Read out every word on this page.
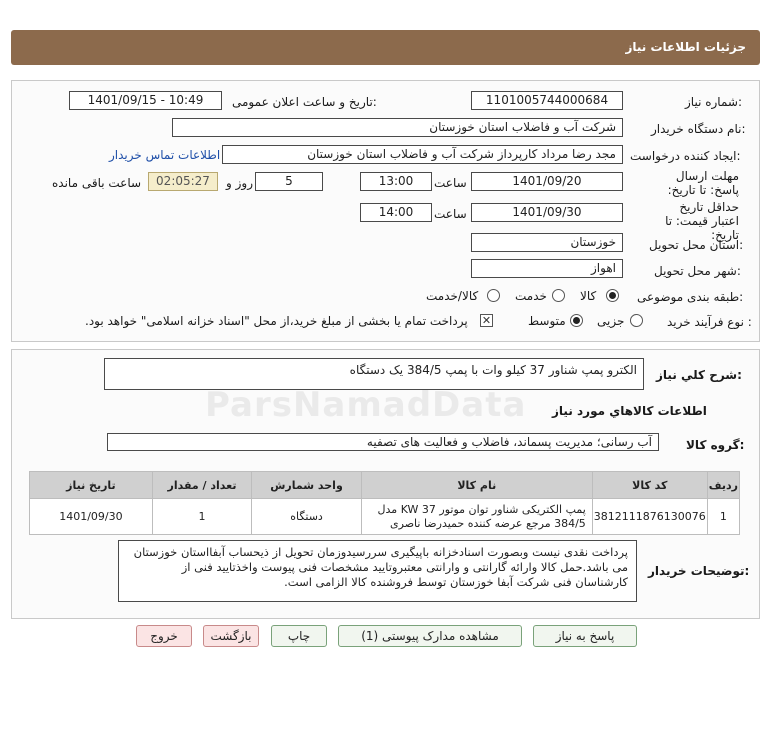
جزئیات اطلاعات نیاز
شماره نیاز:
1101005744000684
تاریخ و ساعت اعلان عمومی:
1401/09/15 - 10:49
نام دستگاه خریدار:
شرکت آب و فاضلاب استان خوزستان
ایجاد کننده درخواست:
مجد رضا مرداد کارپرداز شرکت آب و فاضلاب استان خوزستان
اطلاعات تماس خریدار
مهلت ارسال پاسخ: تا تاریخ:
1401/09/20
ساعت
13:00
5
روز و
02:05:27
ساعت باقی مانده
حداقل تاریخ اعتبار قیمت: تا تاریخ:
1401/09/30
ساعت
14:00
استان محل تحویل:
خوزستان
شهر محل تحویل:
اهواز
طبقه بندی موضوعی:
کالا
خدمت
کالا/خدمت
نوع فرآیند خرید :
جزیی
متوسط
✕
پرداخت تمام یا بخشی از مبلغ خرید،از محل "اسناد خزانه اسلامی" خواهد بود.
شرح کلي نياز:
الکترو پمپ شناور 37 کیلو وات با پمپ 384/5 یک دستگاه
اطلاعات کالاهاي مورد نياز
گروه کالا:
آب رسانی؛ مدیریت پسماند، فاضلاب و فعالیت های تصفیه
ردیف	کد کالا	نام کالا	واحد شمارش	تعداد / مقدار	تاریخ نیاز
1	3812111876130076	پمپ الکتریکی شناور توان موتور KW 37 مدل 384/5 مرجع عرضه کننده حمیدرضا ناصری	دستگاه	1	1401/09/30
توضیحات خریدار:
پرداخت نقدی نیست وبصورت اسنادخزانه باپیگیری سررسیدوزمان تحویل از ذیحساب آبفااستان خوزستان می باشد.حمل کالا وارائه گارانتی و وارانتی معتبروتایید مشخصات فنی پیوست واخذتایید فنی از کارشناسان فنی شرکت آبفا خوزستان توسط فروشنده کالا الزامی است.
پاسخ به نیاز
مشاهده مدارک پیوستی (1)
چاپ
بازگشت
خروج
